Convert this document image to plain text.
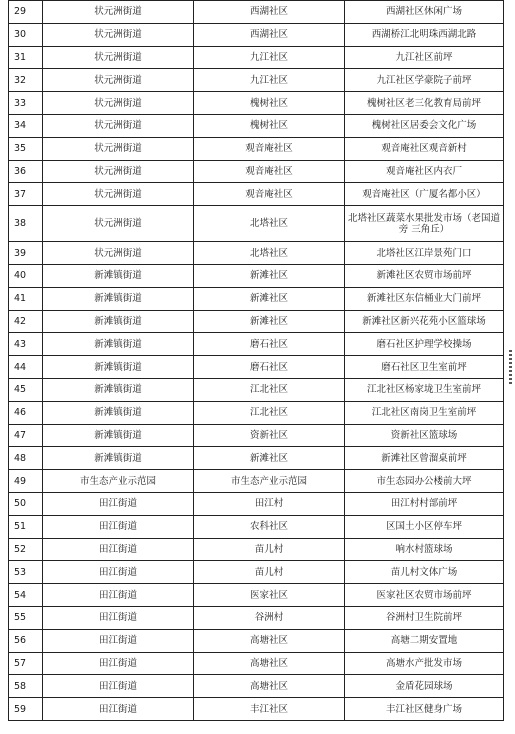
29	状元洲街道	西湖社区	西湖社区休闲广场
30	状元洲街道	西湖社区	西湖桥江北明珠西湖北路
31	状元洲街道	九江社区	九江社区前坪
32	状元洲街道	九江社区	九江社区学豪院子前坪
33	状元洲街道	槐树社区	槐树社区老三化教育局前坪
34	状元洲街道	槐树社区	槐树社区居委会文化广场
35	状元洲街道	观音庵社区	观音庵社区观音新村
36	状元洲街道	观音庵社区	观音庵社区内衣厂
37	状元洲街道	观音庵社区	观音庵社区（广厦名都小区）
38	状元洲街道	北塔社区	北塔社区蔬菜水果批发市场（老国道旁 三角丘）
39	状元洲街道	北塔社区	北塔社区江岸景苑门口
40	新滩镇街道	新滩社区	新滩社区农贸市场前坪
41	新滩镇街道	新滩社区	新滩社区东信桶业大门前坪
42	新滩镇街道	新滩社区	新滩社区新兴花苑小区篮球场
43	新滩镇街道	磨石社区	磨石社区护理学校操场
44	新滩镇街道	磨石社区	磨石社区卫生室前坪
45	新滩镇街道	江北社区	江北社区杨家垅卫生室前坪
46	新滩镇街道	江北社区	江北社区南岗卫生室前坪
47	新滩镇街道	资新社区	资新社区篮球场
48	新滩镇街道	新滩社区	新滩社区曾溜桌前坪
49	市生态产业示范园	市生态产业示范园	市生态园办公楼前大坪
50	田江街道	田江村	田江村村部前坪
51	田江街道	农科社区	区国土小区停车坪
52	田江街道	苗儿村	响水村篮球场
53	田江街道	苗儿村	苗儿村文体广场
54	田江街道	医家社区	医家社区农贸市场前坪
55	田江街道	谷洲村	谷洲村卫生院前坪
56	田江街道	高塘社区	高塘二期安置地
57	田江街道	高塘社区	高塘水产批发市场
58	田江街道	高塘社区	金盾花园球场
59	田江街道	丰江社区	丰江社区健身广场
